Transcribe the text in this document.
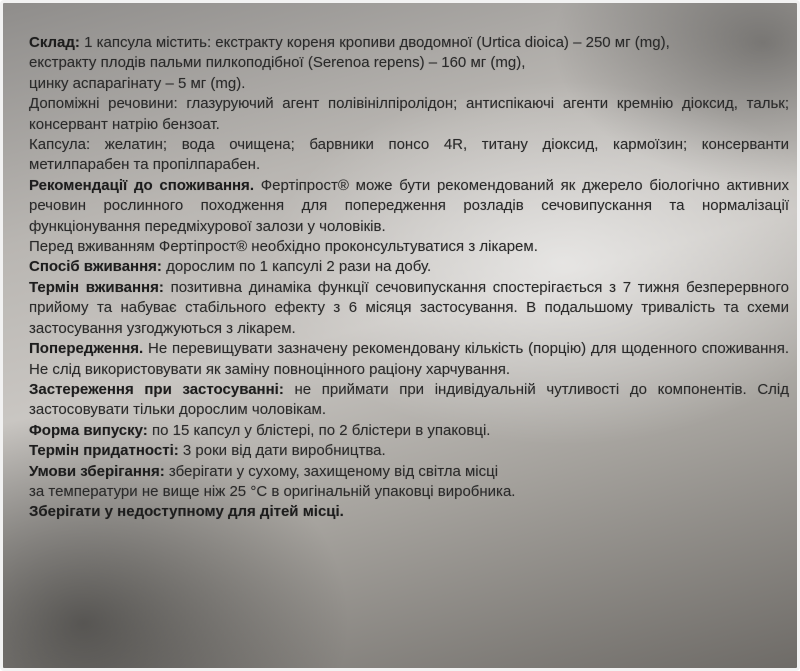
Склад: 1 капсула містить: екстракту кореня кропиви дводомної (Urtica dioica) – 250 мг (mg),
екстракту плодів пальми пилкоподібної (Serenoa repens) – 160 мг (mg),
цинку аспарагінату – 5 мг (mg).

Допоміжні речовини: глазуруючий агент полівінілпіролідон; антиспікаючі агенти кремнію діоксид, тальк; консервант натрію бензоат.

Капсула: желатин; вода очищена; барвники понсо 4R, титану діоксид, кармоїзин; консерванти метилпарабен та пропілпарабен.

Рекомендації до споживання. Фертіпрост® може бути рекомендований як джерело біологічно активних речовин рослинного походження для попередження розладів сечовипускання та нормалізації функціонування передміхурової залози у чоловіків.

Перед вживанням Фертіпрост® необхідно проконсультуватися з лікарем.

Спосіб вживання: дорослим по 1 капсулі 2 рази на добу.

Термін вживання: позитивна динаміка функції сечовипускання спостерігається з 7 тижня безперервного прийому та набуває стабільного ефекту з 6 місяця застосування. В подальшому тривалість та схеми застосування узгоджуються з лікарем.

Попередження. Не перевищувати зазначену рекомендовану кількість (порцію) для щоденного споживання. Не слід використовувати як заміну повноцінного раціону харчування.

Застереження при застосуванні: не приймати при індивідуальній чутливості до компонентів. Слід застосовувати тільки дорослим чоловікам.

Форма випуску: по 15 капсул у блістері, по 2 блістери в упаковці.

Термін придатності: 3 роки від дати виробництва.

Умови зберігання: зберігати у сухому, захищеному від світла місці
за температури не вище ніж 25 °С в оригінальній упаковці виробника.

Зберігати у недоступному для дітей місці.
